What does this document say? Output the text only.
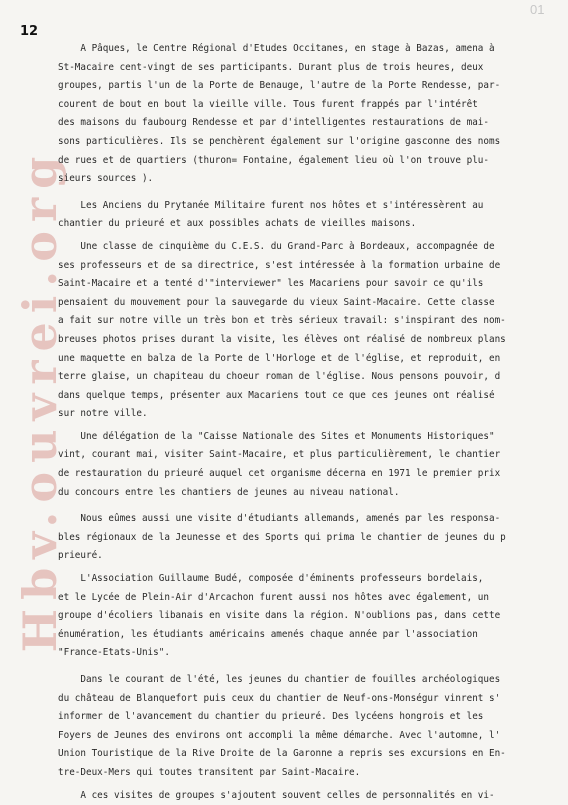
12
01
Hbv.ouvrei.org
A Pâques, le Centre Régional d'Etudes Occitanes, en stage à Bazas, amena à
St-Macaire cent-vingt de ses participants. Durant plus de trois heures, deux
groupes, partis l'un de la Porte de Benauge, l'autre de la Porte Rendesse, par-
courent de bout en bout la vieille ville. Tous furent frappés par l'intérêt
des maisons du faubourg Rendesse et par d'intelligentes restaurations de mai-
sons particulières. Ils se penchèrent également sur l'origine gasconne des noms
de rues et de quartiers (thuron= Fontaine, également lieu où l'on trouve plu-
sieurs sources ).
Les Anciens du Prytanée Militaire furent nos hôtes et s'intéressèrent au
chantier du prieuré et aux possibles achats de vieilles maisons.
Une classe de cinquième du C.E.S. du Grand-Parc à Bordeaux, accompagnée de
ses professeurs et de sa directrice, s'est intéressée à la formation urbaine de
Saint-Macaire et a tenté d'"interviewer" les Macariens pour savoir ce qu'ils
pensaient du mouvement pour la sauvegarde du vieux Saint-Macaire. Cette classe
a fait sur notre ville un très bon et très sérieux travail: s'inspirant des nom-
breuses photos prises durant la visite, les élèves ont réalisé de nombreux plans
une maquette en balza de la Porte de l'Horloge et de l'église, et reproduit, en
terre glaise, un chapiteau du choeur roman de l'église. Nous pensons pouvoir, d
dans quelque temps, présenter aux Macariens tout ce que ces jeunes ont réalisé
sur notre ville.
Une délégation de la "Caisse Nationale des Sites et Monuments Historiques"
vint, courant mai, visiter Saint-Macaire, et plus particulièrement, le chantier
de restauration du prieuré auquel cet organisme décerna en 1971 le premier prix
du concours entre les chantiers de jeunes au niveau national.
Nous eûmes aussi une visite d'étudiants allemands, amenés par les responsa-
bles régionaux de la Jeunesse et des Sports qui prima le chantier de jeunes du p
prieuré.
L'Association Guillaume Budé, composée d'éminents professeurs bordelais,
et le Lycée de Plein-Air d'Arcachon furent aussi nos hôtes avec également, un
groupe d'écoliers libanais en visite dans la région. N'oublions pas, dans cette
énumération, les étudiants américains amenés chaque année par l'association
"France-Etats-Unis".
Dans le courant de l'été, les jeunes du chantier de fouilles archéologiques
du château de Blanquefort puis ceux du chantier de Neuf-ons-Monségur vinrent s'
informer de l'avancement du chantier du prieuré. Des lycéens hongrois et les
Foyers de Jeunes des environs ont accompli la même démarche. Avec l'automne, l'
Union Touristique de la Rive Droite de la Garonne a repris ses excursions en En-
tre-Deux-Mers qui toutes transitent par Saint-Macaire.
A ces visites de groupes s'ajoutent souvent celles de personnalités en vi-
